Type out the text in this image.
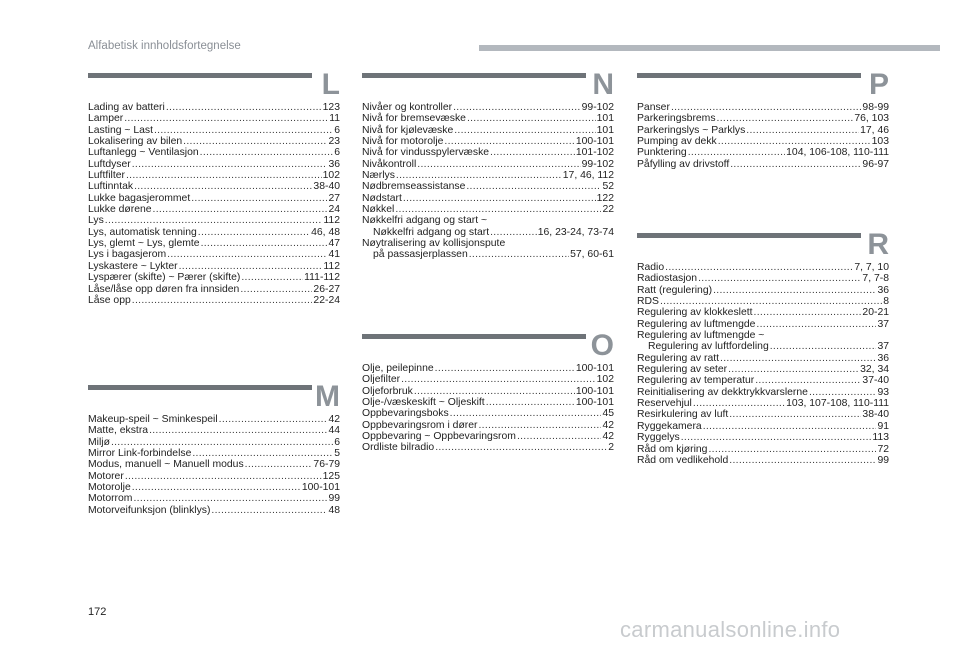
Alfabetisk innholdsfortegnelse
L
Lading av batteri .....	123
Lamper .....	11
Lasting ~ Last .....	6
Lokalisering av bilen .....	23
Luftanlegg ~ Ventilasjon .....	6
Luftdyser .....	36
Luftfilter .....	102
Luftinntak .....	38-40
Lukke bagasjerommet .....	27
Lukke dørene .....	24
Lys .....	112
Lys, automatisk tenning .....	46, 48
Lys, glemt ~ Lys, glemte .....	47
Lys i bagasjerom .....	41
Lyskastere ~ Lykter .....	112
Lyspærer (skifte) ~ Pærer (skifte) .....	111-112
Låse/låse opp døren fra innsiden .....	26-27
Låse opp .....	22-24
M
Makeup-speil ~ Sminkespeil .....	42
Matte, ekstra .....	44
Miljø .....	6
Mirror Link-forbindelse .....	5
Modus, manuell ~ Manuell modus .....	76-79
Motorer .....	125
Motorolje .....	100-101
Motorrom .....	99
Motorveifunksjon (blinklys) .....	48
N
Nivåer og kontroller .....	99-102
Nivå for bremsevæske .....	101
Nivå for kjølevæske .....	101
Nivå for motorolje .....	100-101
Nivå for vindusspylervæske .....	101-102
Nivåkontroll .....	99-102
Nærlys .....	17, 46, 112
Nødbremseassistanse .....	52
Nødstart .....	122
Nøkkel .....	22
Nøkkelfri adgang og start ~
Nøkkelfri adgang og start .....	16, 23-24, 73-74
Nøytralisering av kollisjonspute
på passasjerplassen .....	57, 60-61
O
Olje, peilepinne .....	100-101
Oljefilter .....	102
Oljeforbruk .....	100-101
Olje-/væskeskift ~ Oljeskift .....	100-101
Oppbevaringsboks .....	45
Oppbevaringsrom i dører .....	42
Oppbevaring ~ Oppbevaringsrom .....	42
Ordliste bilradio .....	2
P
Panser .....	98-99
Parkeringsbrems .....	76, 103
Parkeringslys ~ Parklys .....	17, 46
Pumping av dekk .....	103
Punktering .....	104, 106-108, 110-111
Påfylling av drivstoff .....	96-97
R
Radio .....	7, 7, 10
Radiostasjon .....	7, 7-8
Ratt (regulering) .....	36
RDS .....	8
Regulering av klokkeslett .....	20-21
Regulering av luftmengde .....	37
Regulering av luftmengde ~
Regulering av luftfordeling .....	37
Regulering av ratt .....	36
Regulering av seter .....	32, 34
Regulering av temperatur .....	37-40
Reinitialisering av dekktrykkvarslerne .....	93
Reservehjul .....	103, 107-108, 110-111
Resirkulering av luft .....	38-40
Ryggekamera .....	91
Ryggelys .....	113
Råd om kjøring .....	72
Råd om vedlikehold .....	99
172
carmanualsonline.info
